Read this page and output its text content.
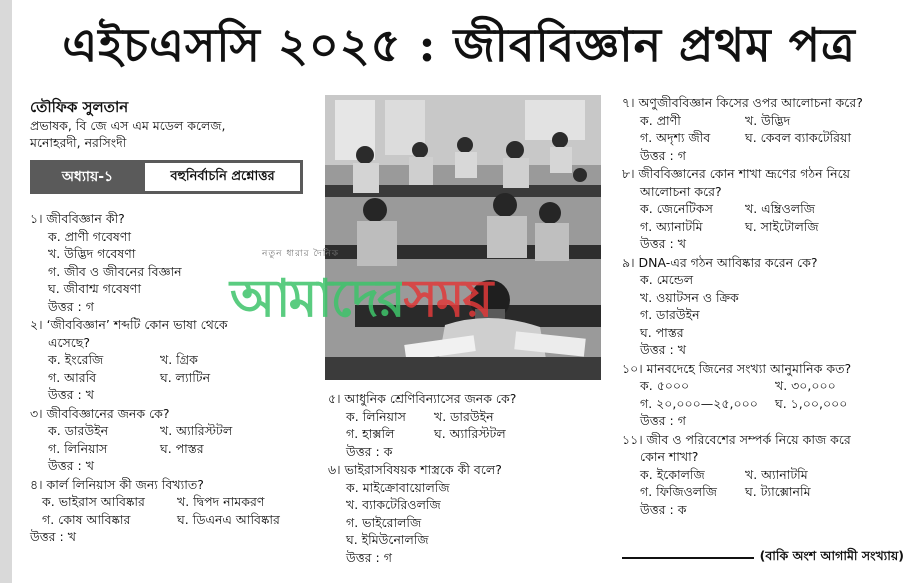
এইচএসসি ২০২৫ : জীববিজ্ঞান প্রথম পত্র
তৌফিক সুলতান
প্রভাষক, বি জে এস এম মডেল কলেজ,
মনোহরদী, নরসিংদী
অধ্যায়-১	বহুনির্বাচনি প্রশ্নোত্তর
১। জীববিজ্ঞান কী?
ক. প্রাণী গবেষণা
খ. উদ্ভিদ গবেষণা
গ. জীব ও জীবনের বিজ্ঞান
ঘ. জীবাশ্ম গবেষণা
উত্তর : গ
২। ‘জীববিজ্ঞান’ শব্দটি কোন ভাষা থেকে
এসেছে?
ক. ইংরেজি	খ. গ্রিক
গ. আরবি	ঘ. ল্যাটিন
উত্তর : খ
৩। জীববিজ্ঞানের জনক কে?
ক. ডারউইন	খ. অ্যারিস্টটল
গ. লিনিয়াস	ঘ. পাস্তর
উত্তর : খ
৪। কার্ল লিনিয়াস কী জন্য বিখ্যাত?
ক. ভাইরাস আবিষ্কার	খ. দ্বিপদ নামকরণ
গ. কোষ আবিষ্কার	ঘ. ডিএনএ আবিষ্কার
উত্তর : খ
নতুন ধারার দৈনিক
আমাদেরসময়
৫। আধুনিক শ্রেণিবিন্যাসের জনক কে?
ক. লিনিয়াস	খ. ডারউইন
গ. হাক্সলি	ঘ. অ্যারিস্টটল
উত্তর : ক
৬। ভাইরাসবিষয়ক শাস্ত্রকে কী বলে?
ক. মাইক্রোবায়োলজি
খ. ব্যাকটেরিওলজি
গ. ভাইরোলজি
ঘ. ইমিউনোলজি
উত্তর : গ
৭। অণুজীববিজ্ঞান কিসের ওপর আলোচনা করে?
ক. প্রাণী	খ. উদ্ভিদ
গ. অদৃশ্য জীব	ঘ. কেবল ব্যাকটেরিয়া
উত্তর : গ
৮। জীববিজ্ঞানের কোন শাখা ভ্রূণের গঠন নিয়ে
আলোচনা করে?
ক. জেনেটিকস	খ. এম্ব্রিওলজি
গ. অ্যানাটমি	ঘ. সাইটোলজি
উত্তর : খ
৯। DNA-এর গঠন আবিষ্কার করেন কে?
ক. মেন্ডেল
খ. ওয়াটসন ও ক্রিক
গ. ডারউইন
ঘ. পাস্তর
উত্তর : খ
১০। মানবদেহে জিনের সংখ্যা আনুমানিক কত?
ক. ৫০০০	খ. ৩০,০০০
গ. ২০,০০০—২৫,০০০	ঘ. ১,০০,০০০
উত্তর : গ
১১। জীব ও পরিবেশের সম্পর্ক নিয়ে কাজ করে
কোন শাখা?
ক. ইকোলজি	খ. অ্যানাটমি
গ. ফিজিওলজি	ঘ. ট্যাক্সোনমি
উত্তর : ক
(বাকি অংশ আগামী সংখ্যায়)
